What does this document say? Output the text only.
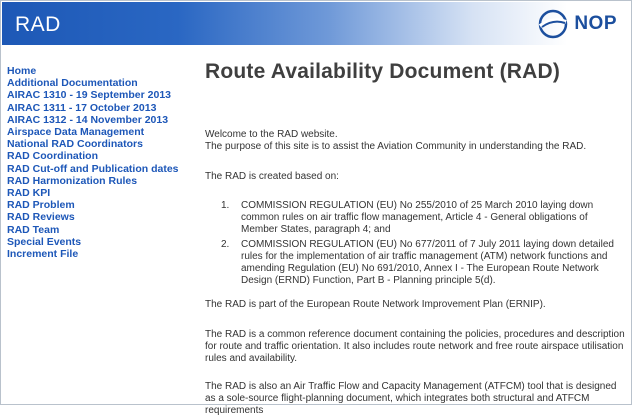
RAD	NOP
Home
Additional Documentation
AIRAC 1310 - 19 September 2013
AIRAC 1311 - 17 October 2013
AIRAC 1312 - 14 November 2013
Airspace Data Management
National RAD Coordinators
RAD Coordination
RAD Cut-off and Publication dates
RAD Harmonization Rules
RAD KPI
RAD Problem
RAD Reviews
RAD Team
Special Events
Increment File
Route Availability Document (RAD)

Welcome to the RAD website.

The purpose of this site is to assist the Aviation Community in understanding the RAD.

The RAD is created based on:

1. COMMISSION REGULATION (EU) No 255/2010 of 25 March 2010 laying down common rules on air traffic flow management, Article 4 - General obligations of Member States, paragraph 4; and
2. COMMISSION REGULATION (EU) No 677/2011 of 7 July 2011 laying down detailed rules for the implementation of air traffic management (ATM) network functions and amending Regulation (EU) No 691/2010, Annex I - The European Route Network Design (ERND) Function, Part B - Planning principle 5(d).

The RAD is part of the European Route Network Improvement Plan (ERNIP).

The RAD is a common reference document containing the policies, procedures and description for route and traffic orientation. It also includes route network and free route airspace utilisation rules and availability.

The RAD is also an Air Traffic Flow and Capacity Management (ATFCM) tool that is designed as a sole-source flight-planning document, which integrates both structural and ATFCM requirements
